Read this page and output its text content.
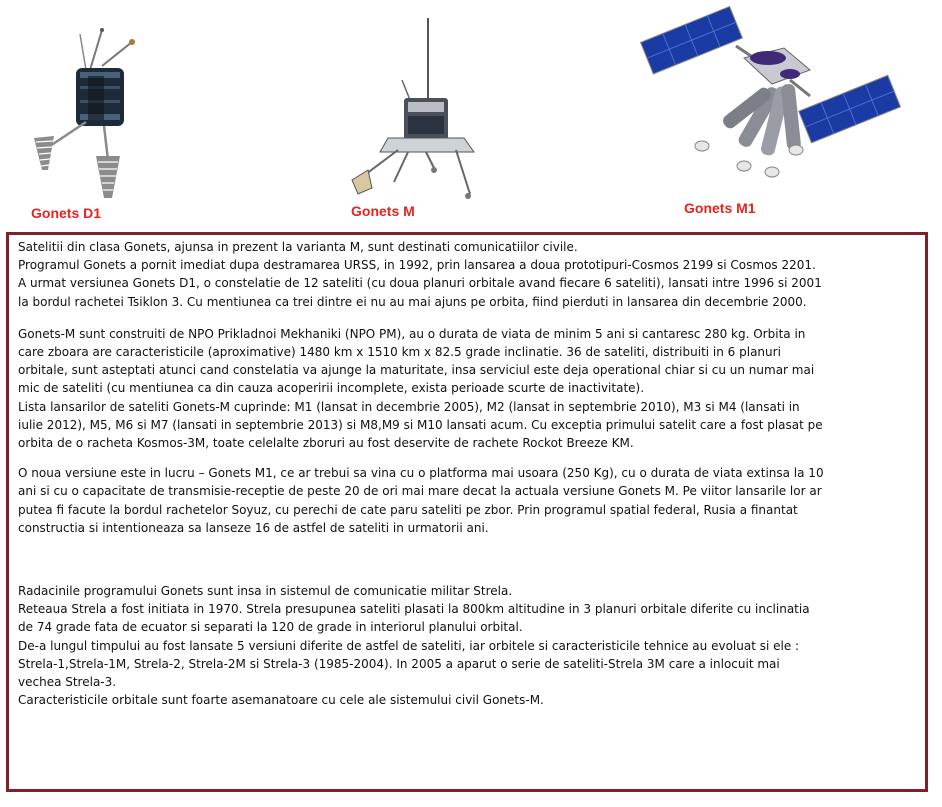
Gonets D1	Gonets M	Gonets M1

Satelitii din clasa Gonets, ajunsa in prezent la varianta M, sunt destinati comunicatiilor civile.
Programul Gonets a pornit imediat dupa destramarea URSS, in 1992, prin lansarea a doua prototipuri-Cosmos 2199 si Cosmos 2201.
A urmat versiunea Gonets D1, o constelatie de 12 sateliti (cu doua planuri orbitale avand fiecare 6 sateliti), lansati intre 1996 si 2001
la bordul rachetei Tsiklon 3. Cu mentiunea ca trei dintre ei nu au mai ajuns pe orbita, fiind pierduti in lansarea din decembrie 2000.

Gonets-M sunt construiti de NPO Prikladnoi Mekhaniki (NPO PM), au o durata de viata de minim 5 ani si cantaresc 280 kg. Orbita in
care zboara are caracteristicile (aproximative) 1480 km x 1510 km x 82.5 grade inclinatie. 36 de sateliti, distribuiti in 6 planuri
orbitale, sunt asteptati atunci cand constelatia va ajunge la maturitate, insa serviciul este deja operational chiar si cu un numar mai
mic de sateliti (cu mentiunea ca din cauza acoperirii incomplete, exista perioade scurte de inactivitate).
Lista lansarilor de sateliti Gonets-M cuprinde: M1 (lansat in decembrie 2005), M2 (lansat in septembrie 2010), M3 si M4 (lansati in
iulie 2012), M5, M6 si M7 (lansati in septembrie 2013) si M8,M9 si M10 lansati acum. Cu exceptia primului satelit care a fost plasat pe
orbita de o racheta Kosmos-3M, toate celelalte zboruri au fost deservite de rachete Rockot Breeze KM.

O noua versiune este in lucru – Gonets M1, ce ar trebui sa vina cu o platforma mai usoara (250 Kg), cu o durata de viata extinsa la 10
ani si cu o capacitate de transmisie-receptie de peste 20 de ori mai mare decat la actuala versiune Gonets M. Pe viitor lansarile lor ar
putea fi facute la bordul rachetelor Soyuz, cu perechi de cate paru sateliti pe zbor. Prin programul spatial federal, Rusia a finantat
constructia si intentioneaza sa lanseze 16 de astfel de sateliti in urmatorii ani.

Radacinile programului Gonets sunt insa in sistemul de comunicatie militar Strela.
Reteaua Strela a fost initiata in 1970. Strela presupunea sateliti plasati la 800km altitudine in 3 planuri orbitale diferite cu inclinatia
de 74 grade fata de ecuator si separati la 120 de grade in interiorul planului orbital.
De-a lungul timpului au fost lansate 5 versiuni diferite de astfel de sateliti, iar orbitele si caracteristicile tehnice au evoluat si ele :
Strela-1,Strela-1M, Strela-2, Strela-2M si Strela-3 (1985-2004). In 2005 a aparut o serie de sateliti-Strela 3M care a inlocuit mai
vechea Strela-3.
Caracteristicile orbitale sunt foarte asemanatoare cu cele ale sistemului civil Gonets-M.
